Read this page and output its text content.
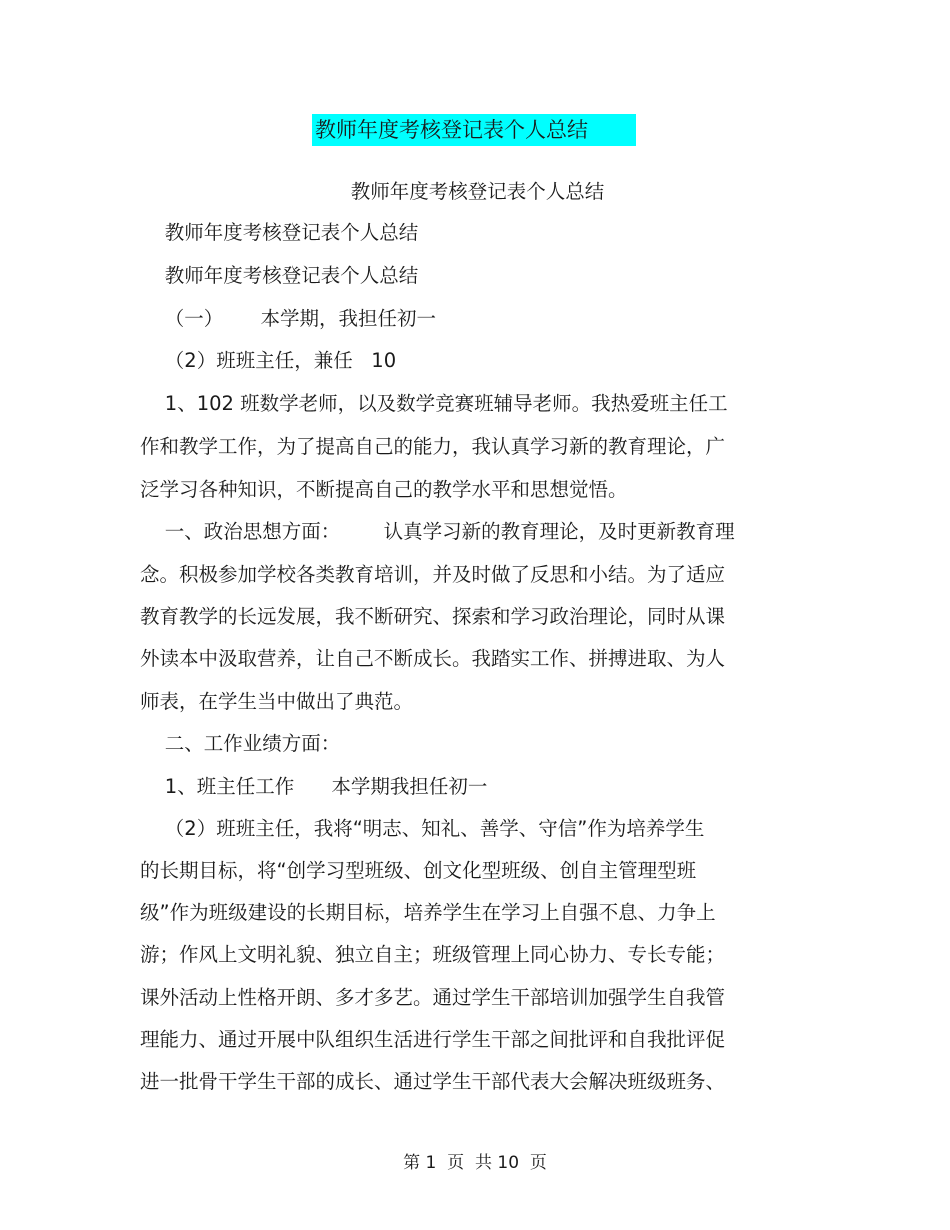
教师年度考核登记表个人总结
教师年度考核登记表个人总结
教师年度考核登记表个人总结
教师年度考核登记表个人总结
（一）      本学期，我担任初一
（2）班班主任，兼任   10
1、102 班数学老师，以及数学竞赛班辅导老师。我热爱班主任工
作和教学工作，为了提高自己的能力，我认真学习新的教育理论，广
泛学习各种知识，不断提高自己的教学水平和思想觉悟。
一、政治思想方面：       认真学习新的教育理论，及时更新教育理
念。积极参加学校各类教育培训，并及时做了反思和小结。为了适应
教育教学的长远发展，我不断研究、探索和学习政治理论，同时从课
外读本中汲取营养，让自己不断成长。我踏实工作、拼搏进取、为人
师表，在学生当中做出了典范。
二、工作业绩方面：
1、班主任工作      本学期我担任初一
（2）班班主任，我将“明志、知礼、善学、守信”作为培养学生
的长期目标，将“创学习型班级、创文化型班级、创自主管理型班
级”作为班级建设的长期目标，培养学生在学习上自强不息、力争上
游；作风上文明礼貌、独立自主；班级管理上同心协力、专长专能；
课外活动上性格开朗、多才多艺。通过学生干部培训加强学生自我管
理能力、通过开展中队组织生活进行学生干部之间批评和自我批评促
进一批骨干学生干部的成长、通过学生干部代表大会解决班级班务、
第 1  页  共 10  页
